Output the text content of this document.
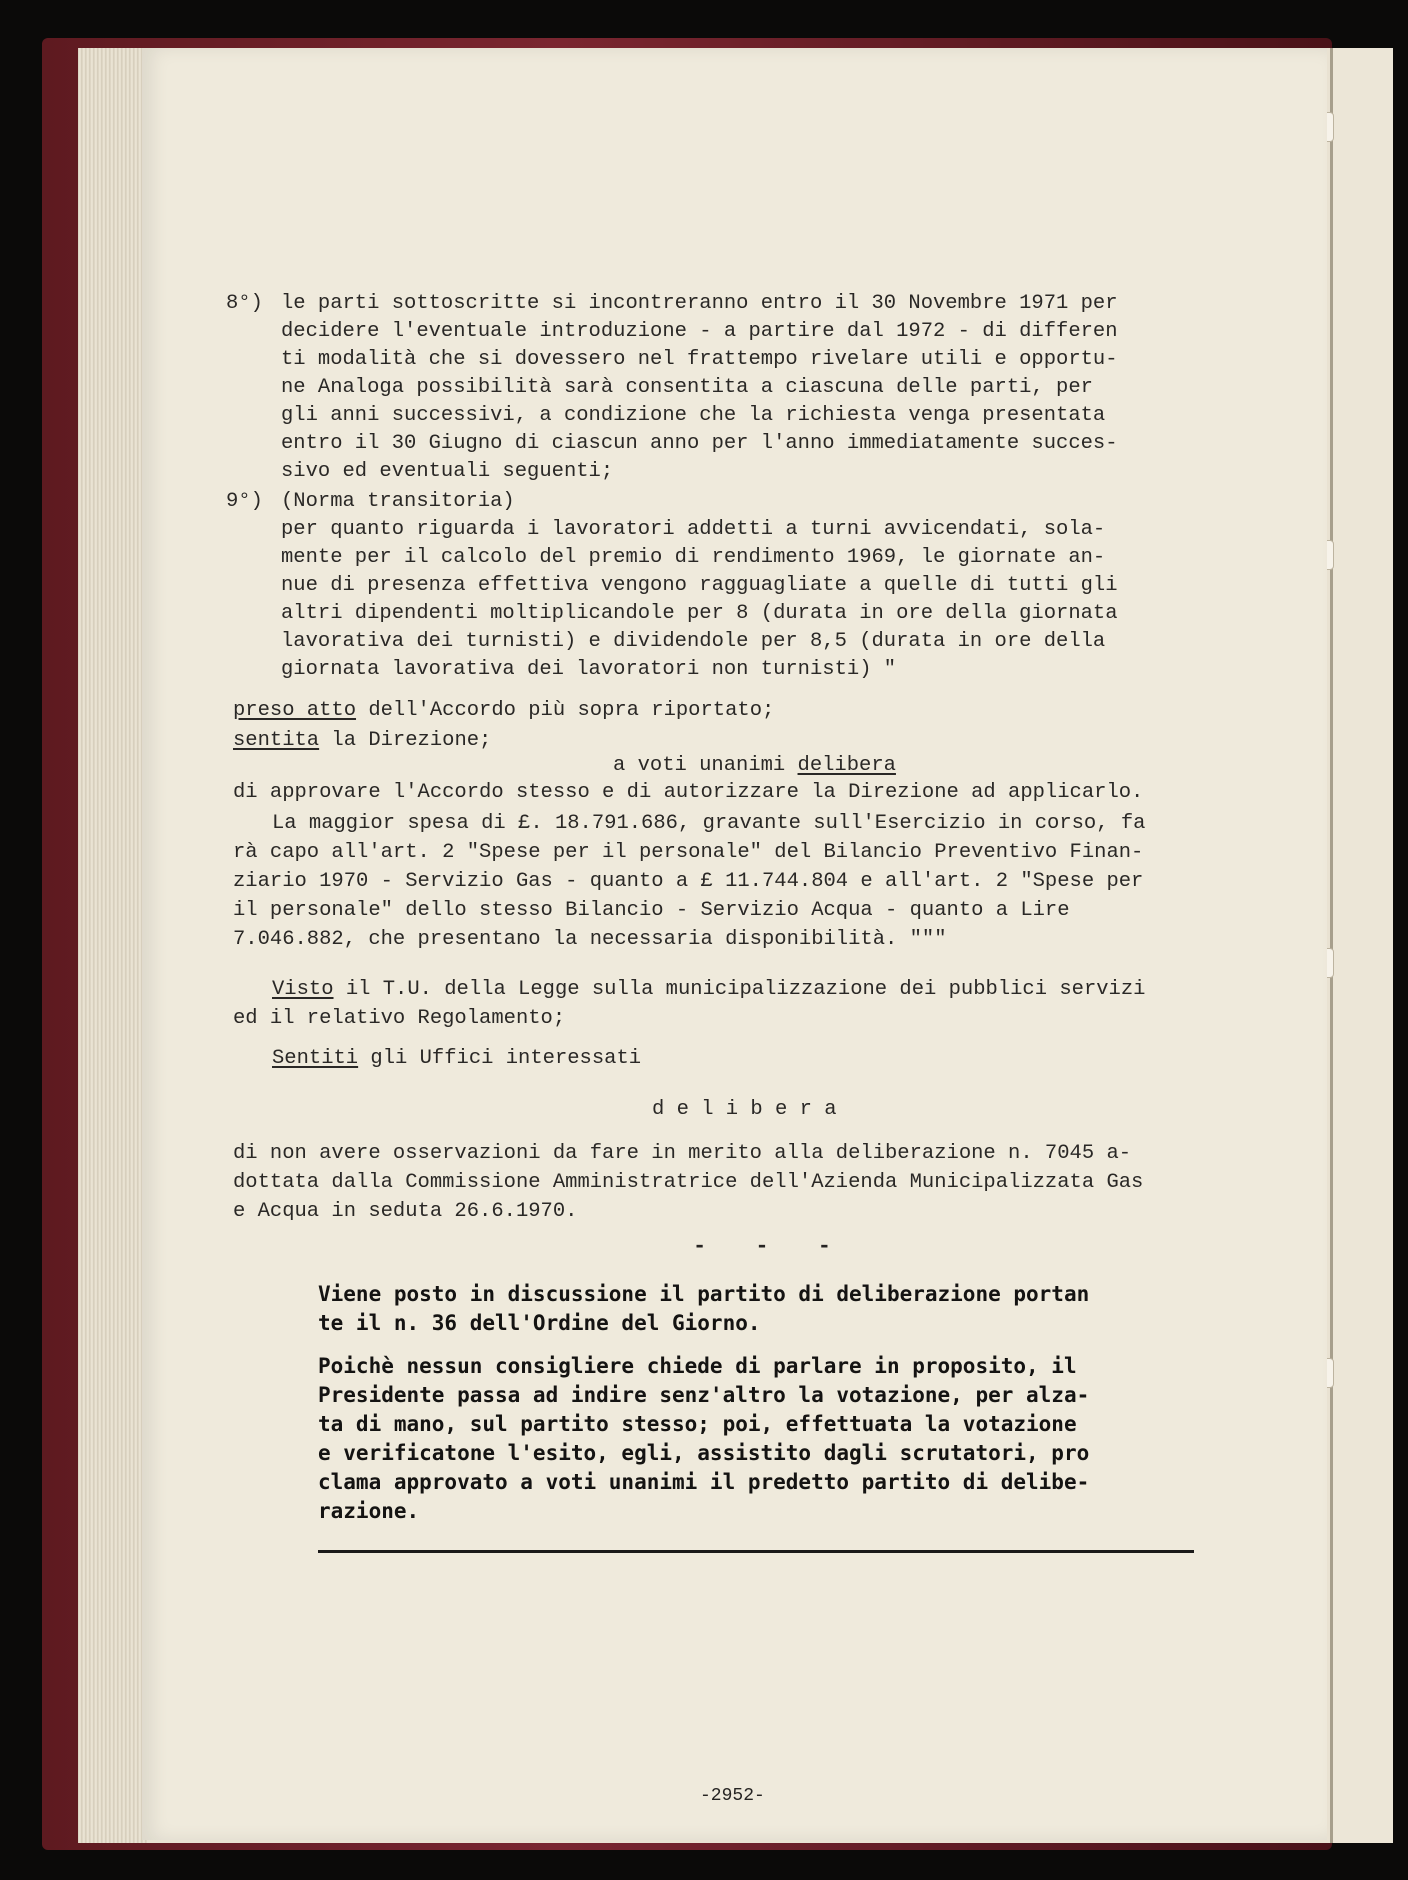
8°) le parti sottoscritte si incontreranno entro il 30 Novembre 1971 per
decidere l'eventuale introduzione - a partire dal 1972 - di differen
ti modalità che si dovessero nel frattempo rivelare utili e opportu-
ne Analoga possibilità sarà consentita a ciascuna delle parti, per
gli anni successivi, a condizione che la richiesta venga presentata
entro il 30 Giugno di ciascun anno per l'anno immediatamente succes-
sivo ed eventuali seguenti;
9°) (Norma transitoria)
per quanto riguarda i lavoratori addetti a turni avvicendati, sola-
mente per il calcolo del premio di rendimento 1969, le giornate an-
nue di presenza effettiva vengono ragguagliate a quelle di tutti gli
altri dipendenti moltiplicandole per 8 (durata in ore della giornata
lavorativa dei turnisti) e dividendole per 8,5 (durata in ore della
giornata lavorativa dei lavoratori non turnisti) "
preso atto dell'Accordo più sopra riportato;
sentita la Direzione;
a voti unanimi delibera
di approvare l'Accordo stesso e di autorizzare la Direzione ad applicarlo.
La maggior spesa di £. 18.791.686, gravante sull'Esercizio in corso, fa
rà capo all'art. 2 "Spese per il personale" del Bilancio Preventivo Finan-
ziario 1970 - Servizio Gas - quanto a £ 11.744.804 e all'art. 2 "Spese per
il personale" dello stesso Bilancio - Servizio Acqua - quanto a Lire
7.046.882, che presentano la necessaria disponibilità. """
Visto il T.U. della Legge sulla municipalizzazione dei pubblici servizi
ed il relativo Regolamento;
Sentiti gli Uffici interessati
d e l i b e r a
di non avere osservazioni da fare in merito alla deliberazione n. 7045 a-
dottata dalla Commissione Amministratrice dell'Azienda Municipalizzata Gas
e Acqua in seduta 26.6.1970.
- - -
Viene posto in discussione il partito di deliberazione portan
te il n. 36 dell'Ordine del Giorno.
Poichè nessun consigliere chiede di parlare in proposito, il
Presidente passa ad indire senz'altro la votazione, per alza-
ta di mano, sul partito stesso; poi, effettuata la votazione
e verificatone l'esito, egli, assistito dagli scrutatori, pro
clama approvato a voti unanimi il predetto partito di delibe-
razione.
-2952-
